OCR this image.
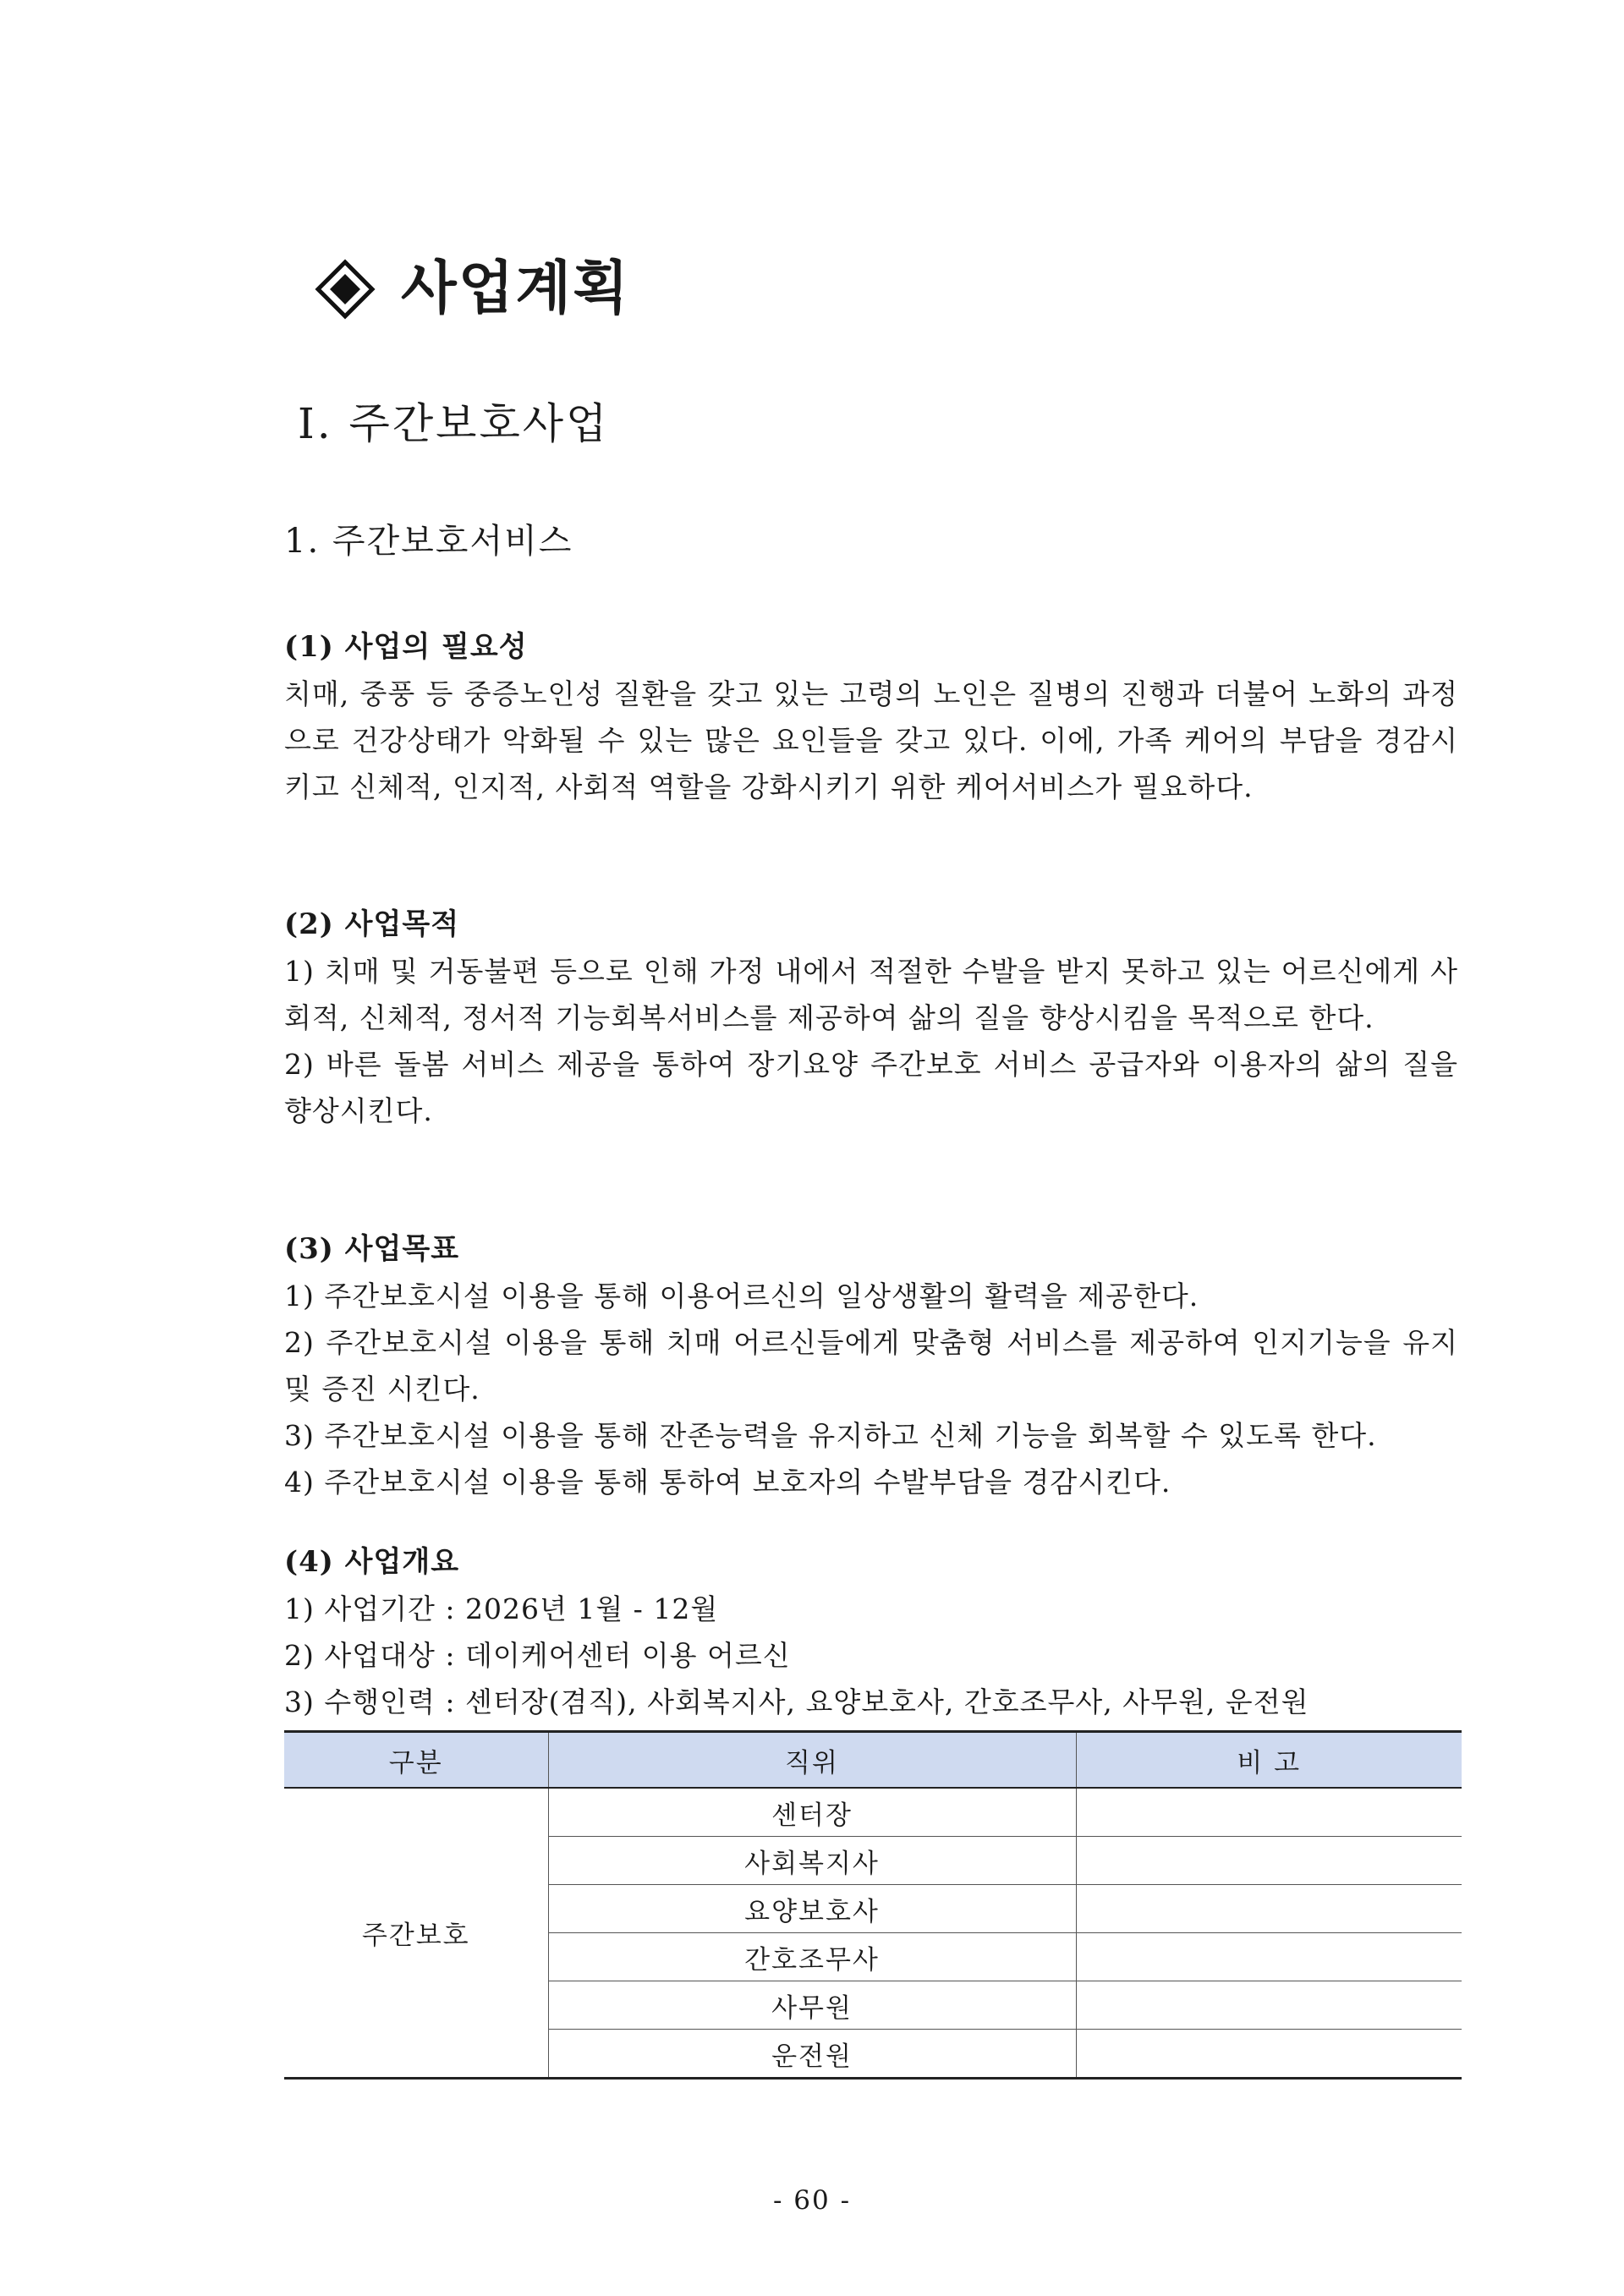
사업계획
Ⅰ. 주간보호사업
1. 주간보호서비스
(1) 사업의 필요성

치매, 중풍 등 중증노인성 질환을 갖고 있는 고령의 노인은 질병의 진행과 더불어 노화의 과정으로 건강상태가 악화될 수 있는 많은 요인들을 갖고 있다. 이에, 가족 케어의 부담을 경감시키고 신체적, 인지적, 사회적 역할을 강화시키기 위한 케어서비스가 필요하다.

(2) 사업목적

1) 치매 및 거동불편 등으로 인해 가정 내에서 적절한 수발을 받지 못하고 있는 어르신에게 사회적, 신체적, 정서적 기능회복서비스를 제공하여 삶의 질을 향상시킴을 목적으로 한다.

2) 바른 돌봄 서비스 제공을 통하여 장기요양 주간보호 서비스 공급자와 이용자의 삶의 질을 향상시킨다.

(3) 사업목표

1) 주간보호시설 이용을 통해 이용어르신의 일상생활의 활력을 제공한다.

2) 주간보호시설 이용을 통해 치매 어르신들에게 맞춤형 서비스를 제공하여 인지기능을 유지 및 증진 시킨다.

3) 주간보호시설 이용을 통해 잔존능력을 유지하고 신체 기능을 회복할 수 있도록 한다.

4) 주간보호시설 이용을 통해 통하여 보호자의 수발부담을 경감시킨다.

(4) 사업개요

1) 사업기간 : 2026년 1월 - 12월

2) 사업대상 : 데이케어센터 이용 어르신

3) 수행인력 : 센터장(겸직), 사회복지사, 요양보호사, 간호조무사, 사무원, 운전원

구분	직위	비 고
주간보호	센터장	
	사회복지사	
	요양보호사	
	간호조무사	
	사무원	
	운전원	
- 60 -
